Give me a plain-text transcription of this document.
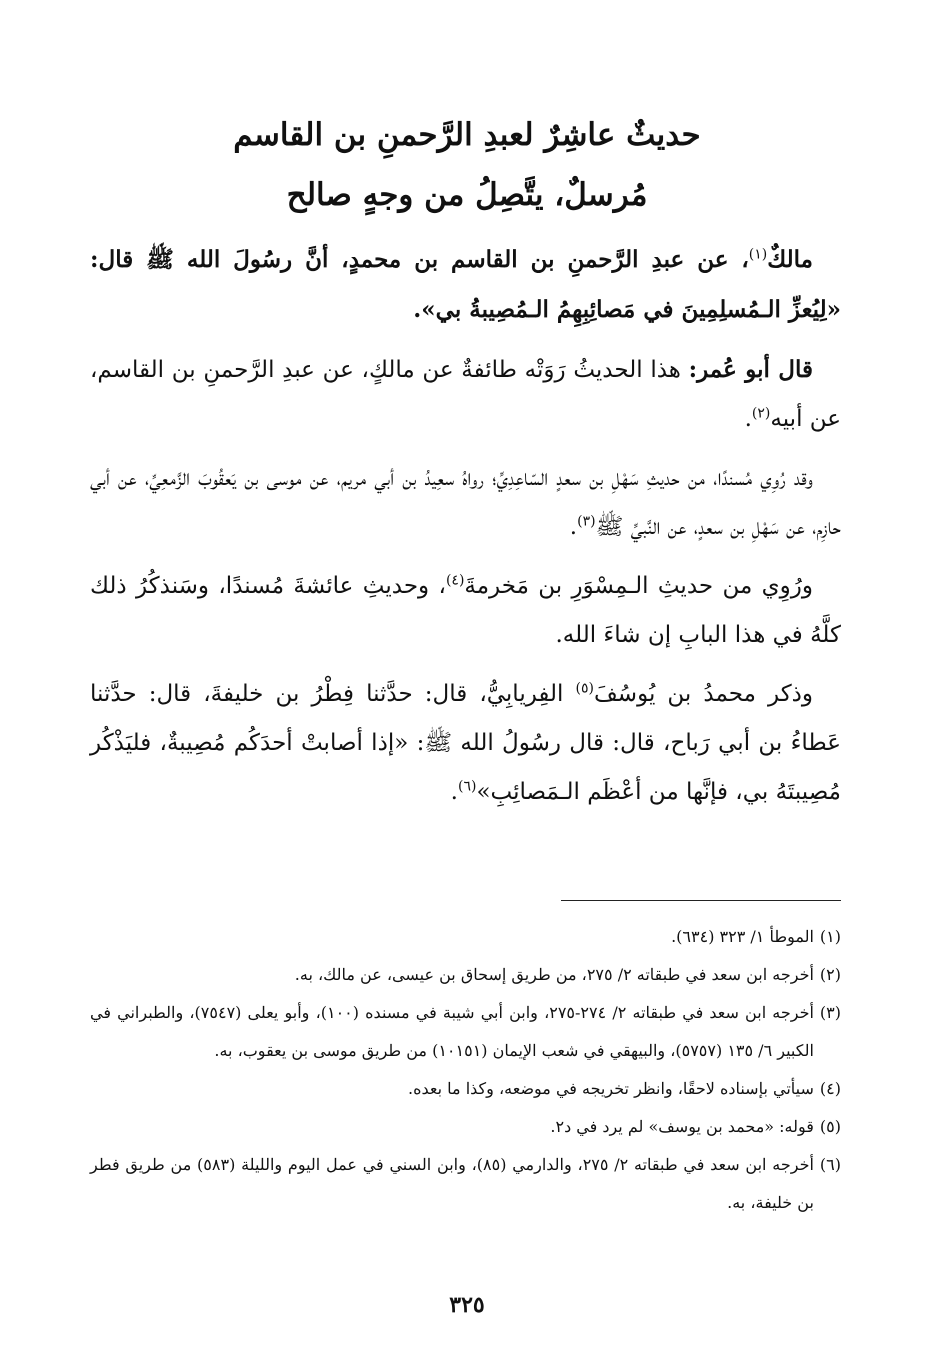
حديثٌ عاشِرٌ لعبدِ الرَّحمنِ بن القاسم
مُرسلٌ، يتَّصِلُ من وجهٍ صالح

مالكٌ$^{(١)}$، عن عبدِ الرَّحمنِ بن القاسم بن محمدٍ، أنَّ رسُولَ الله ﷺ قال: «لِيُعزِّ الـمُسلِمِينَ في مَصائِبِهِمُ الـمُصِيبةُ بي».

قال أبو عُمر: هذا الحديثُ رَوَتْه طائفةٌ عن مالكٍ، عن عبدِ الرَّحمنِ بن القاسم، عن أبيه$^{(٢)}$.

وقد رُوِي مُسندًا، من حديثِ سَهْلِ بن سعدٍ السّاعِدِيِّ؛ رواهُ سعِيدُ بن أبي مريم، عن موسى بن يَعقُوبَ الزَّمعِيِّ، عن أبي حازِم، عن سَهْلِ بن سعدٍ، عن النَّبيِّ ﷺ$^{(٣)}$.

ورُوِي من حديثِ الـمِسْوَرِ بن مَخرمةَ$^{(٤)}$، وحديثِ عائشةَ مُسندًا، وسَنذكُرُ ذلك كلَّهُ في هذا البابِ إن شاءَ الله.

وذكر محمدُ بن يُوسُفَ$^{(٥)}$ الفِريابِيُّ، قال: حدَّثنا فِطْرُ بن خليفةَ، قال: حدَّثنا عَطاءُ بن أبي رَباح، قال: قال رسُولُ الله ﷺ: «إذا أصابتْ أحدَكُم مُصِيبةٌ، فليَذْكُر مُصِيبتَهُ بي، فإنَّها من أعْظَم الـمَصائِبِ»$^{(٦)}$.

(١)
الموطأ ١/ ٣٢٣ (٦٣٤).
(٢)
أخرجه ابن سعد في طبقاته ٢/ ٢٧٥، من طريق إسحاق بن عيسى، عن مالك، به.
(٣)
أخرجه ابن سعد في طبقاته ٢/ ٢٧٤-٢٧٥، وابن أبي شيبة في مسنده (١٠٠)، وأبو يعلى (٧٥٤٧)، والطبراني في الكبير ٦/ ١٣٥ (٥٧٥٧)، والبيهقي في شعب الإيمان (١٠١٥١) من طريق موسى بن يعقوب، به.
(٤)
سيأتي بإسناده لاحقًا، وانظر تخريجه في موضعه، وكذا ما بعده.
(٥)
قوله: «محمد بن يوسف» لم يرد في د٢.
(٦)
أخرجه ابن سعد في طبقاته ٢/ ٢٧٥، والدارمي (٨٥)، وابن السني في عمل اليوم والليلة (٥٨٣) من طريق فطر بن خليفة، به.
٣٢٥
